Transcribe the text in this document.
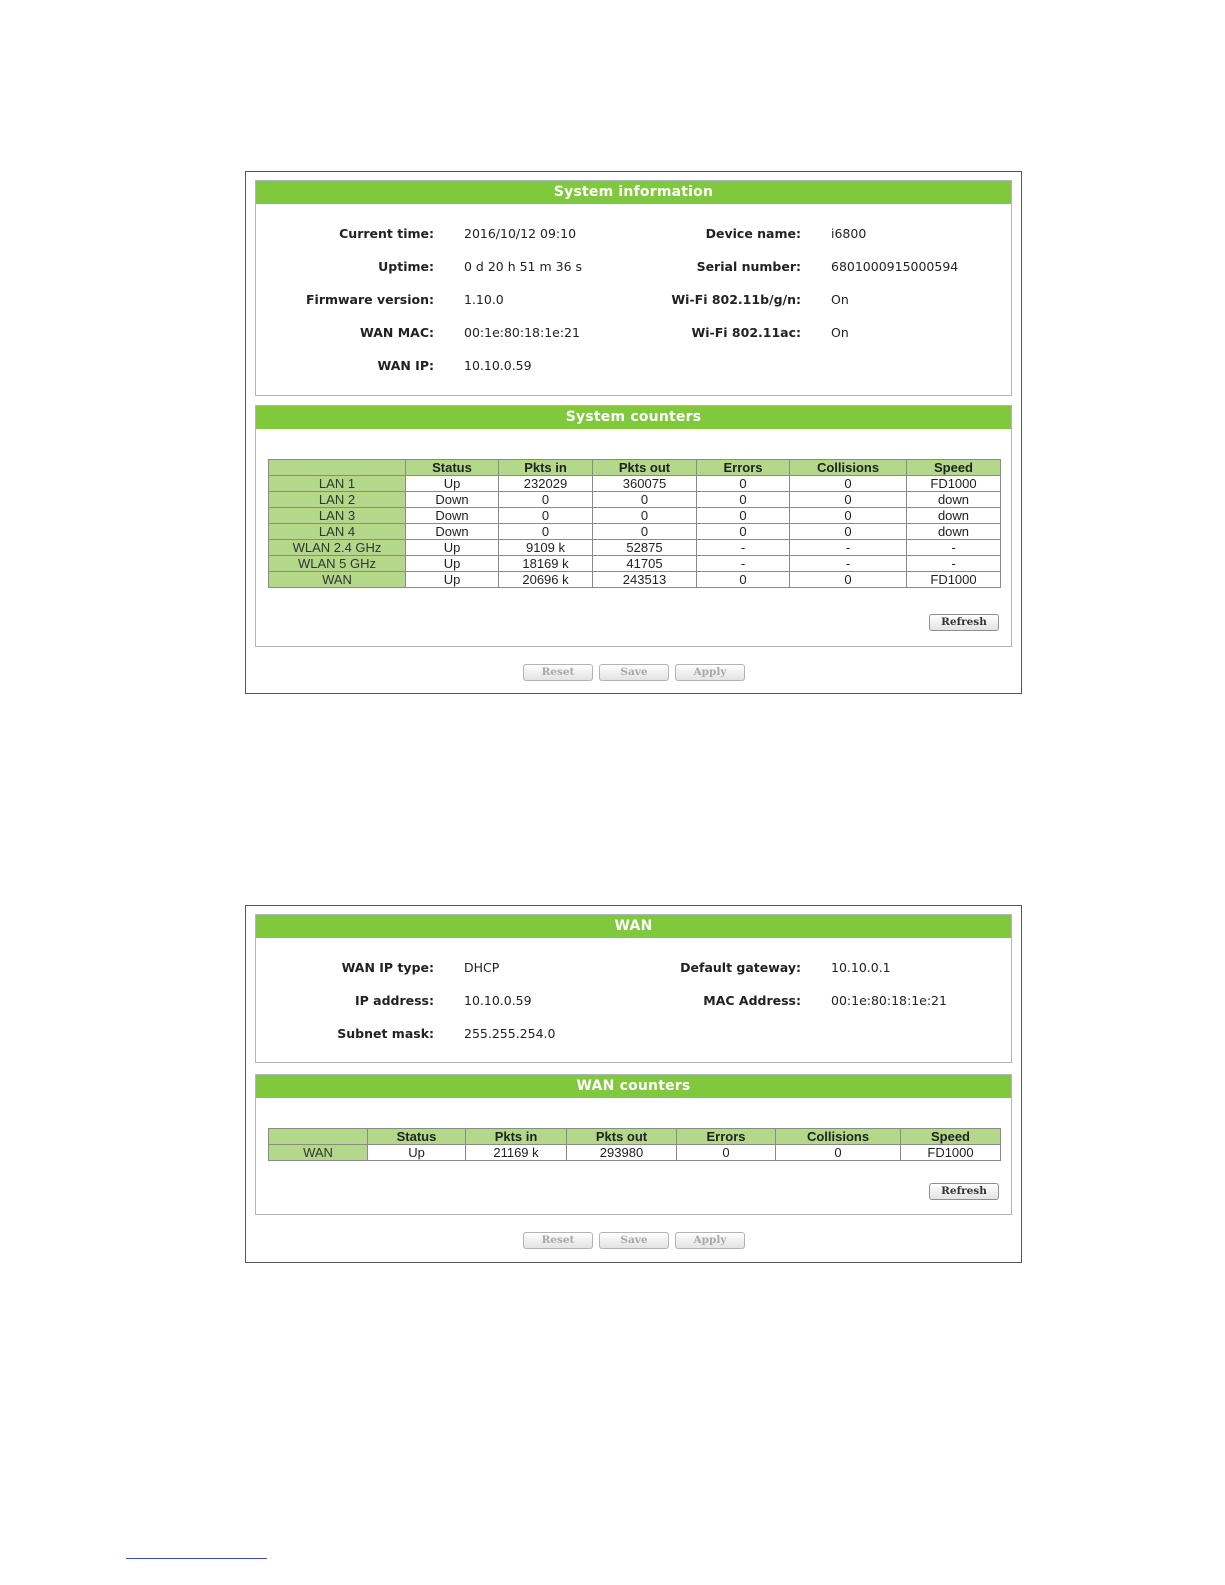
System information
Current time: 2016/10/12 09:10	Device name: i6800
Uptime: 0 d 20 h 51 m 36 s	Serial number: 6801000915000594
Firmware version: 1.10.0	Wi-Fi 802.11b/g/n: On
WAN MAC: 00:1e:80:18:1e:21	Wi-Fi 802.11ac: On
WAN IP: 10.10.0.59
System counters
	Status	Pkts in	Pkts out	Errors	Collisions	Speed
LAN 1	Up	232029	360075	0	0	FD1000
LAN 2	Down	0	0	0	0	down
LAN 3	Down	0	0	0	0	down
LAN 4	Down	0	0	0	0	down
WLAN 2.4 GHz	Up	9109 k	52875	-	-	-
WLAN 5 GHz	Up	18169 k	41705	-	-	-
WAN	Up	20696 k	243513	0	0	FD1000
Refresh
Reset	Save	Apply
WAN
WAN IP type: DHCP	Default gateway: 10.10.0.1
IP address: 10.10.0.59	MAC Address: 00:1e:80:18:1e:21
Subnet mask: 255.255.254.0
WAN counters
	Status	Pkts in	Pkts out	Errors	Collisions	Speed
WAN	Up	21169 k	293980	0	0	FD1000
Refresh
Reset	Save	Apply
